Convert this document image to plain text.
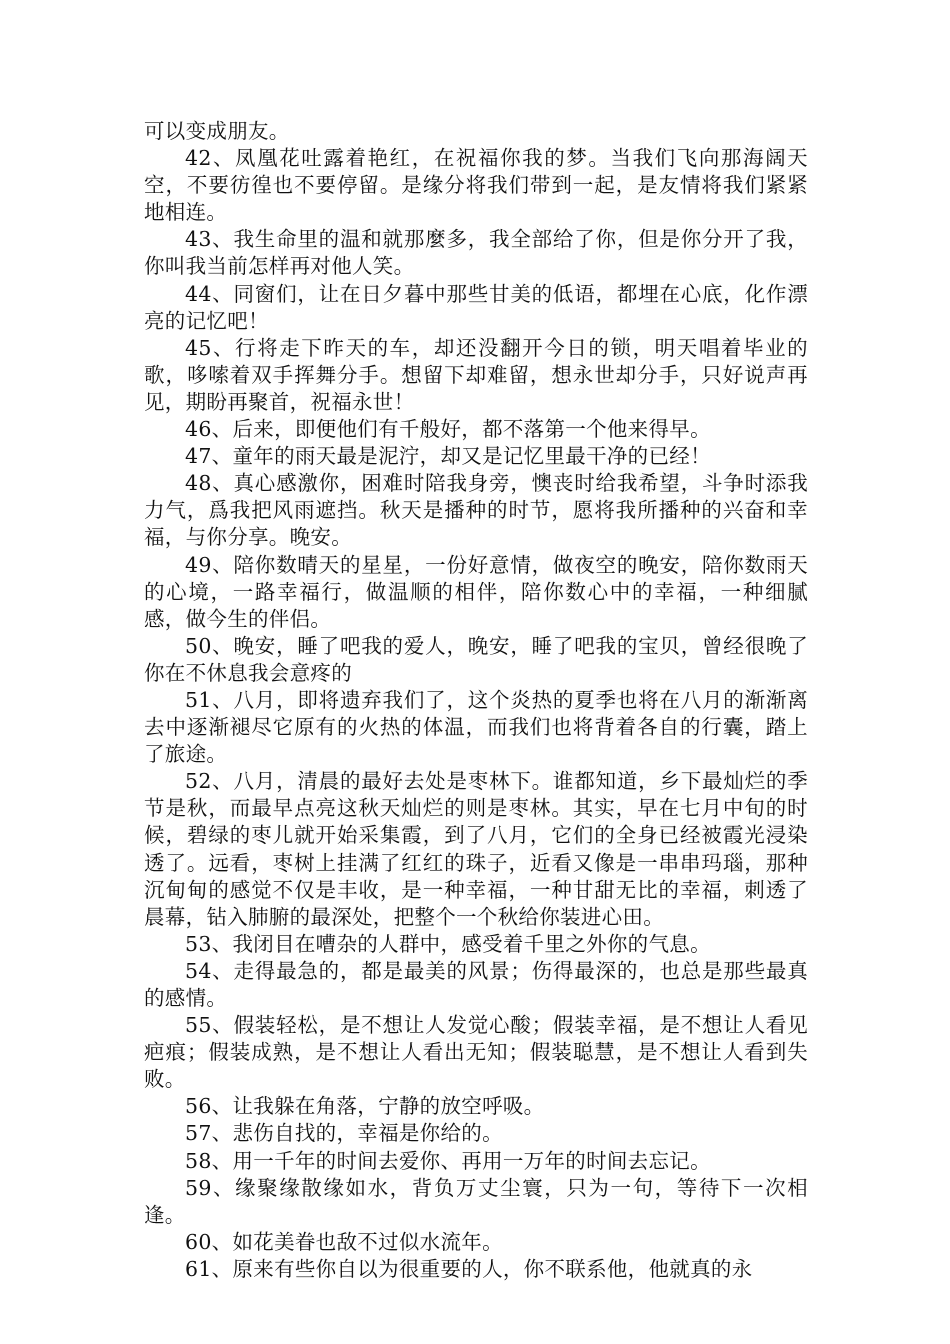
可以变成朋友。

42、凤凰花吐露着艳红，在祝福你我的梦。当我们飞向那海阔天空，不要彷徨也不要停留。是缘分将我们带到一起，是友情将我们紧紧地相连。

43、我生命里的温和就那麼多，我全部给了你，但是你分开了我，你叫我当前怎样再对他人笑。

44、同窗们，让在日夕暮中那些甘美的低语，都埋在心底，化作漂亮的记忆吧！

45、行将走下昨天的车，却还没翻开今日的锁，明天唱着毕业的歌，哆嗦着双手挥舞分手。想留下却难留，想永世却分手，只好说声再见，期盼再聚首，祝福永世！

46、后来，即便他们有千般好，都不落第一个他来得早。

47、童年的雨天最是泥泞，却又是记忆里最干净的已经！

48、真心感激你，困难时陪我身旁，懊丧时给我希望，斗争时添我力气，爲我把风雨遮挡。秋天是播种的时节，愿将我所播种的兴奋和幸福，与你分享。晚安。

49、陪你数晴天的星星，一份好意情，做夜空的晚安，陪你数雨天的心境，一路幸福行，做温顺的相伴，陪你数心中的幸福，一种细腻感，做今生的伴侣。

50、晚安，睡了吧我的爱人，晚安，睡了吧我的宝贝，曾经很晚了你在不休息我会意疼的

51、八月，即将遗弃我们了，这个炎热的夏季也将在八月的渐渐离去中逐渐褪尽它原有的火热的体温，而我们也将背着各自的行囊，踏上了旅途。

52、八月，清晨的最好去处是枣林下。谁都知道，乡下最灿烂的季节是秋，而最早点亮这秋天灿烂的则是枣林。其实，早在七月中旬的时候，碧绿的枣儿就开始采集霞，到了八月，它们的全身已经被霞光浸染透了。远看，枣树上挂满了红红的珠子，近看又像是一串串玛瑙，那种沉甸甸的感觉不仅是丰收，是一种幸福，一种甘甜无比的幸福，刺透了晨幕，钻入肺腑的最深处，把整个一个秋给你装进心田。

53、我闭目在嘈杂的人群中，感受着千里之外你的气息。

54、走得最急的，都是最美的风景；伤得最深的，也总是那些最真的感情。

55、假装轻松，是不想让人发觉心酸；假装幸福，是不想让人看见疤痕；假装成熟，是不想让人看出无知；假装聪慧，是不想让人看到失败。

56、让我躲在角落，宁静的放空呼吸。

57、悲伤自找的，幸福是你给的。

58、用一千年的时间去爱你、再用一万年的时间去忘记。

59、缘聚缘散缘如水，背负万丈尘寰，只为一句，等待下一次相逢。

60、如花美眷也敌不过似水流年。

61、原来有些你自以为很重要的人，你不联系他，他就真的永
